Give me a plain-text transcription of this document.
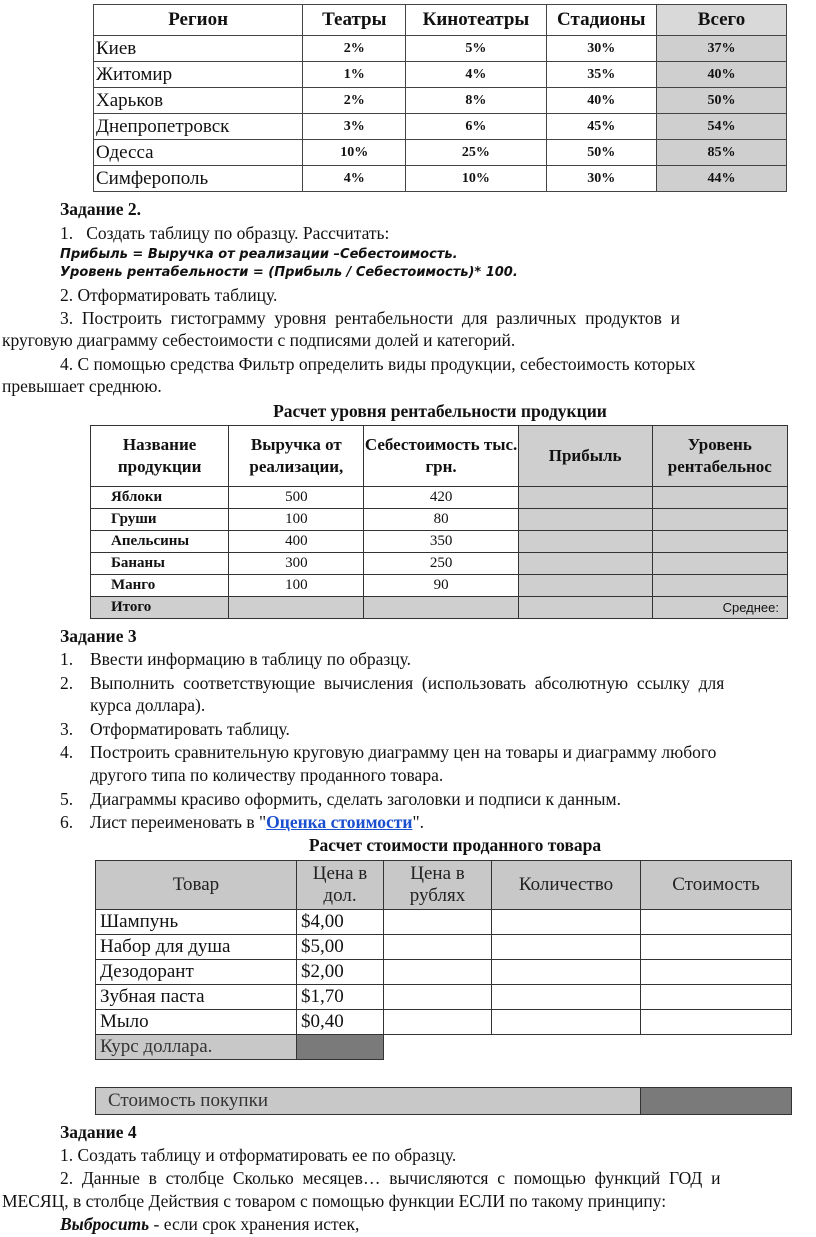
Регион	Театры	Кинотеатры	Стадионы	Всего
Киев	2%	5%	30%	37%
Житомир	1%	4%	35%	40%
Харьков	2%	8%	40%	50%
Днепропетровск	3%	6%	45%	54%
Одесса	10%	25%	50%	85%
Симферополь	4%	10%	30%	44%
Задание 2.
1.   Создать таблицу по образцу. Рассчитать:
Прибыль = Выручка от реализации –Себестоимость.
Уровень рентабельности = (Прибыль / Себестоимость)* 100.
2. Отформатировать таблицу.
3.  Построить  гистограмму  уровня  рентабельности  для  различных  продуктов  и
круговую диаграмму себестоимости с подписями долей и категорий.
4. С помощью средства Фильтр определить виды продукции, себестоимость которых
превышает среднюю.
Расчет уровня рентабельности продукции
Название продукции	Выручка от реализации,	Себестоимость тыс. грн.	Прибыль	Уровень рентабельнос
Яблоки	500	420		
Груши	100	80		
Апельсины	400	350		
Бананы	300	250		
Манго	100	90		
Итого				Среднее:
Задание 3
1. Ввести информацию в таблицу по образцу.
2. Выполнить  соответствующие  вычисления  (использовать  абсолютную  ссылку  для
курса доллара).
3. Отформатировать таблицу.
4. Построить сравнительную круговую диаграмму цен на товары и диаграмму любого
другого типа по количеству проданного товара.
5. Диаграммы красиво оформить, сделать заголовки и подписи к данным.
6. Лист переименовать в "Оценка стоимости".
Расчет стоимости проданного товара
Товар	Цена в дол.	Цена в рублях	Количество	Стоимость
Шампунь	$4,00			
Набор для душа	$5,00			
Дезодорант	$2,00			
Зубная паста	$1,70			
Мыло	$0,40			
Курс доллара.				
Стоимость покупки
Задание 4
1. Создать таблицу и отформатировать ее по образцу.
2.  Данные  в  столбце  Сколько  месяцев…  вычисляются  с  помощью  функций  ГОД  и
МЕСЯЦ, в столбце Действия с товаром с помощью функции ЕСЛИ по такому принципу:
Выбросить - если срок хранения истек,
